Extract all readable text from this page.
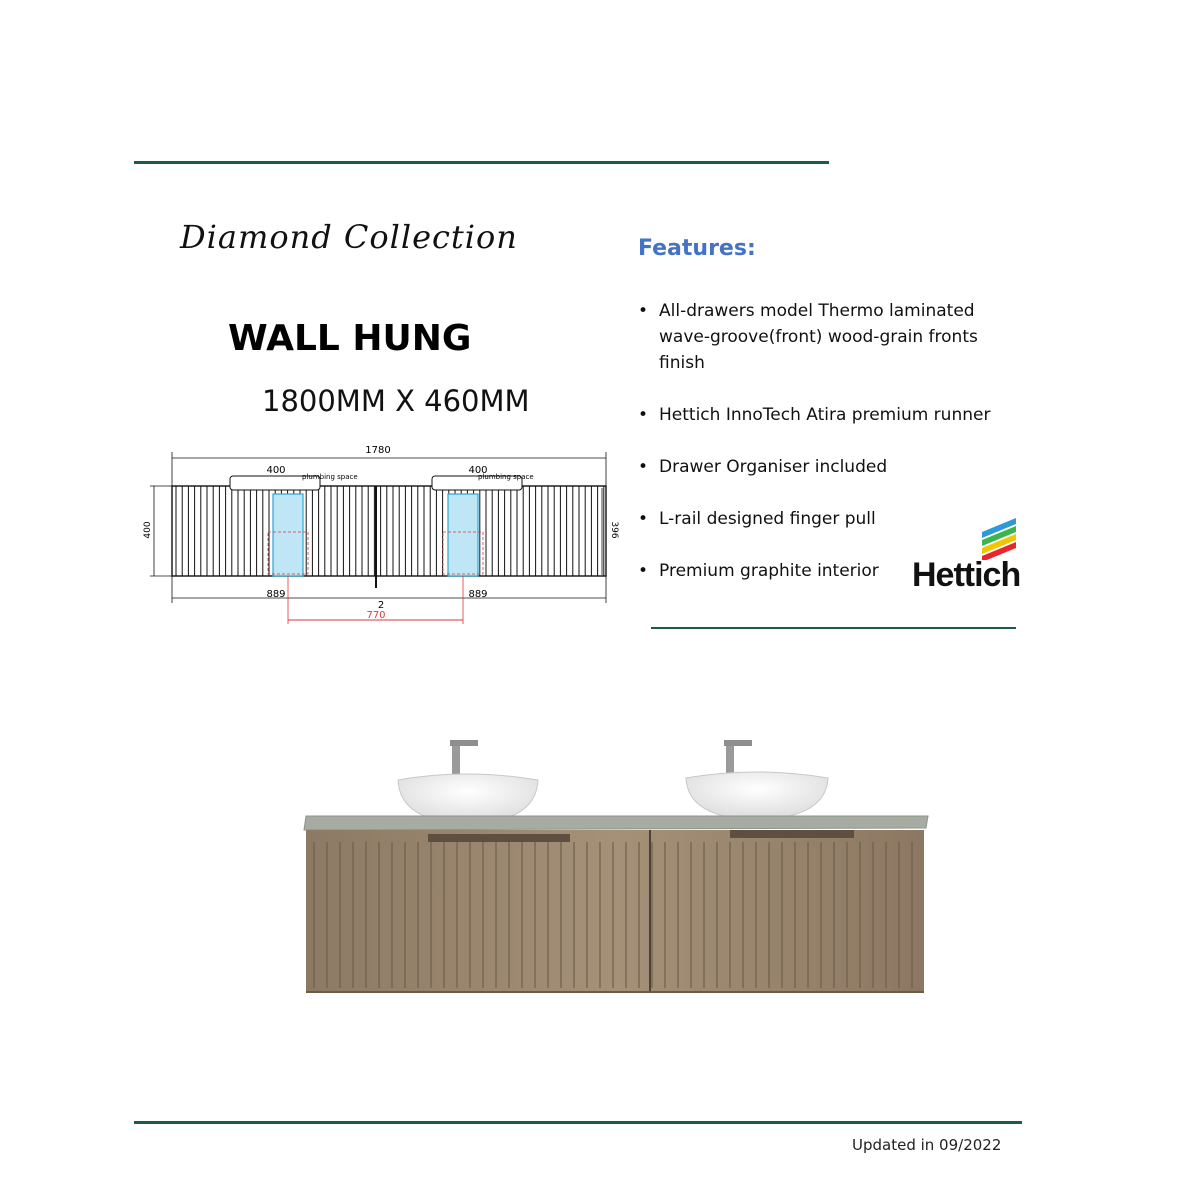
Diamond Collection
WALL HUNG
1800MM X 460MM
Features:
• All-drawers model Thermo laminated wave-groove(front) wood-grain fronts finish
• Hettich InnoTech Atira premium runner
• Drawer Organiser included
• L-rail designed finger pull
• Premium graphite interior Hettich
1780
400	400
plumbing space	plumbing space
400	396
889	889
2
770
Updated in 09/2022
